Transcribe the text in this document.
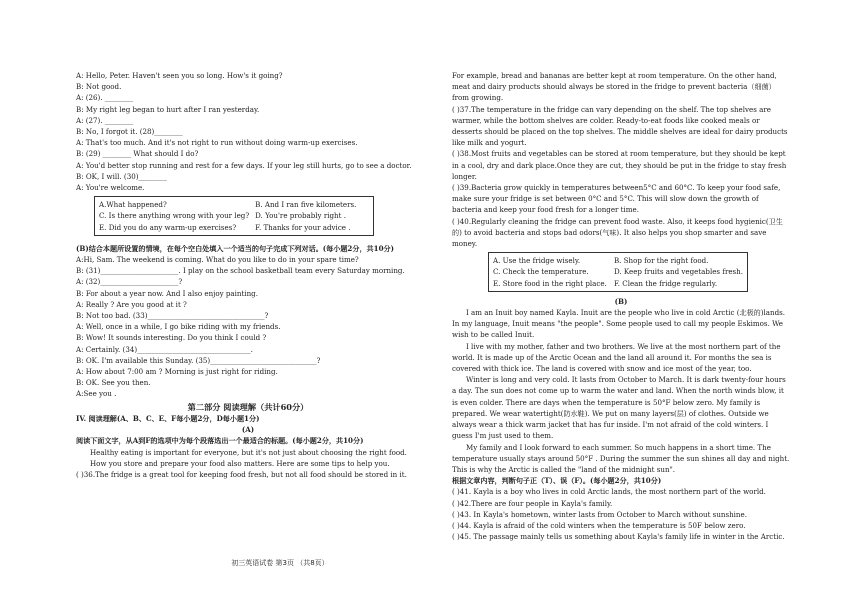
A: Hello, Peter. Haven't seen you so long. How's it going?
B: Not good.
A: (26). ________
B: My right leg began to hurt after I ran yesterday.
A: (27). ________
B: No, I forgot it. (28)________
A: That's too much. And it's not right to run without doing warm-up exercises.
B: (29) ________ What should I do?
A: You'd better stop running and rest for a few days. If your leg still hurts, go to see a doctor.
B: OK, I will. (30)________
A: You're welcome.
A.What happened?	B. And I ran five kilometers.
C. Is there anything wrong with your leg? D. You're probably right .
E. Did you do any warm-up exercises?	F. Thanks for your advice .
(B)结合本题所设置的情境，在每个空白处填入一个适当的句子完成下列对话。(每小题2分，共10分)
A:Hi, Sam. The weekend is coming. What do you like to do in your spare time?
B: (31)______________________. I play on the school basketball team every Saturday morning.
A: (32)______________________?
B: For about a year now. And I also enjoy painting.
A: Really ? Are you good at it ?
B: Not too bad. (33)_________________________________?
A: Well, once in a while, I go bike riding with my friends.
B: Wow! It sounds interesting. Do you think I could ?
A: Certainly. (34)________________________________.
B: OK. I'm available this Sunday. (35)______________________________?
A: How about 7:00 am ? Morning is just right for riding.
B: OK. See you then.
A:See you .
第二部分 阅读理解（共计60分）
IV. 阅读理解(A、B、C、E、F每小题2分，D每小题1分)
(A)
阅读下面文字，从A到F的选项中为每个段落选出一个最适合的标题。(每小题2分，共10分)
Healthy eating is important for everyone, but it's not just about choosing the right food.
How you store and prepare your food also matters. Here are some tips to help you.
( )36.The fridge is a great tool for keeping food fresh, but not all food should be stored in it.
For example, bread and bananas are better kept at room temperature. On the other hand, meat and dairy products should always be stored in the fridge to prevent bacteria（细菌）from growing.
( )37.The temperature in the fridge can vary depending on the shelf. The top shelves are warmer, while the bottom shelves are colder. Ready-to-eat foods like cooked meals or desserts should be placed on the top shelves. The middle shelves are ideal for dairy products like milk and yogurt.
( )38.Most fruits and vegetables can be stored at room temperature, but they should be kept in a cool, dry and dark place.Once they are cut, they should be put in the fridge to stay fresh longer.
( )39.Bacteria grow quickly in temperatures between5°C and 60°C. To keep your food safe, make sure your fridge is set between 0°C and 5°C. This will slow down the growth of bacteria and keep your food fresh for a longer time.
( )40.Regularly cleaning the fridge can prevent food waste. Also, it keeps food hygienic(卫生的) to avoid bacteria and stops bad odors(气味). It also helps you shop smarter and save money.
A. Use the fridge wisely.	B. Shop for the right food.
C. Check the temperature.	D. Keep fruits and vegetables fresh.
E. Store food in the right place. F. Clean the fridge regularly.
(B)
I am an Inuit boy named Kayla. Inuit are the people who live in cold Arctic (北极的)lands. In my language, Inuit means "the people". Some people used to call my people Eskimos. We wish to be called Inuit.
I live with my mother, father and two brothers. We live at the most northern part of the world. It is made up of the Arctic Ocean and the land all around it. For months the sea is covered with thick ice. The land is covered with snow and ice most of the year, too.
Winter is long and very cold. It lasts from October to March. It is dark twenty-four hours a day. The sun does not come up to warm the water and land. When the north winds blow, it is even colder. There are days when the temperature is 50°F below zero. My family is prepared. We wear watertight(防水鞋). We put on many layers(层) of clothes. Outside we always wear a thick warm jacket that has fur inside. I'm not afraid of the cold winters. I guess I'm just used to them.
My family and I look forward to each summer. So much happens in a short time. The temperature usually stays around 50°F . During the summer the sun shines all day and night. This is why the Arctic is called the "land of the midnight sun".
根据文章内容，判断句子正（T）、误（F）。(每小题2分，共10分)
( )41. Kayla is a boy who lives in cold Arctic lands, the most northern part of the world.
( )42.There are four people in Kayla's family.
( )43. In Kayla's hometown, winter lasts from October to March without sunshine.
( )44. Kayla is afraid of the cold winters when the temperature is 50F below zero.
( )45. The passage mainly tells us something about Kayla's family life in winter in the Arctic.
初三英语试卷 第3页 （共8页）
